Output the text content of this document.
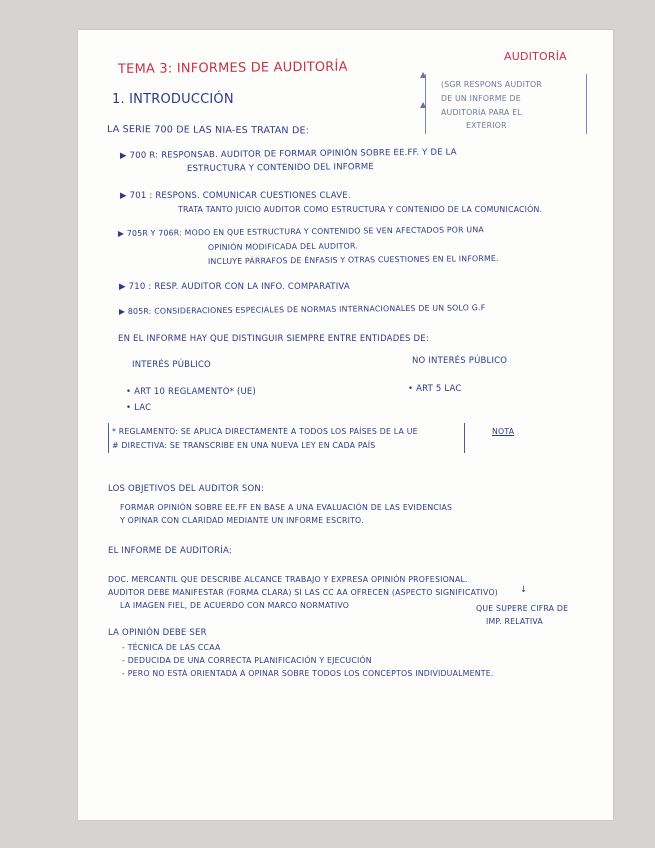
AUDITORÍA
TEMA 3: INFORMES DE AUDITORÍA
(SGR RESPONS AUDITOR
DE UN INFORME DE
AUDITORÍA PARA EL
EXTERIOR
▲
▲
1. INTRODUCCIÓN
LA SERIE 700 DE LAS NIA-ES TRATAN DE:
▶ 700 R: RESPONSAB. AUDITOR DE FORMAR OPINIÓN SOBRE EE.FF. Y DE LA
ESTRUCTURA Y CONTENIDO DEL INFORME
▶ 701 : RESPONS. COMUNICAR CUESTIONES CLAVE.
TRATA TANTO JUICIO AUDITOR COMO ESTRUCTURA Y CONTENIDO DE LA COMUNICACIÓN.
▶ 705R Y 706R: MODO EN QUE ESTRUCTURA Y CONTENIDO SE VEN AFECTADOS POR UNA
OPINIÓN MODIFICADA DEL AUDITOR.
INCLUYE PÁRRAFOS DE ÉNFASIS Y OTRAS CUESTIONES EN EL INFORME.
▶ 710 : RESP. AUDITOR CON LA INFO. COMPARATIVA
▶ 805R: CONSIDERACIONES ESPECIALES DE NORMAS INTERNACIONALES DE UN SOLO G.F
EN EL INFORME HAY QUE DISTINGUIR SIEMPRE ENTRE ENTIDADES DE:
INTERÉS PÚBLICO	NO INTERÉS PÚBLICO
• ART 10 REGLAMENTO* (UE)
• LAC
• ART 5 LAC
* REGLAMENTO: SE APLICA DIRECTAMENTE A TODOS LOS PAÍSES DE LA UE
# DIRECTIVA: SE TRANSCRIBE EN UNA NUEVA LEY EN CADA PAÍS
NOTA
LOS OBJETIVOS DEL AUDITOR SON:
FORMAR OPINIÓN SOBRE EE.FF EN BASE A UNA EVALUACIÓN DE LAS EVIDENCIAS
Y OPINAR CON CLARIDAD MEDIANTE UN INFORME ESCRITO.
EL INFORME DE AUDITORÍA:
DOC. MERCANTIL QUE DESCRIBE ALCANCE TRABAJO Y EXPRESA OPINIÓN PROFESIONAL.
AUDITOR DEBE MANIFESTAR (FORMA CLARA) SI LAS CC AA OFRECEN (ASPECTO SIGNIFICATIVO)
LA IMAGEN FIEL, DE ACUERDO CON MARCO NORMATIVO
↓
QUE SUPERE CIFRA DE
IMP. RELATIVA
LA OPINIÓN DEBE SER
- TÉCNICA DE LAS CCAA
- DEDUCIDA DE UNA CORRECTA PLANIFICACIÓN Y EJECUCIÓN
- PERO NO ESTÁ ORIENTADA A OPINAR SOBRE TODOS LOS CONCEPTOS INDIVIDUALMENTE.
